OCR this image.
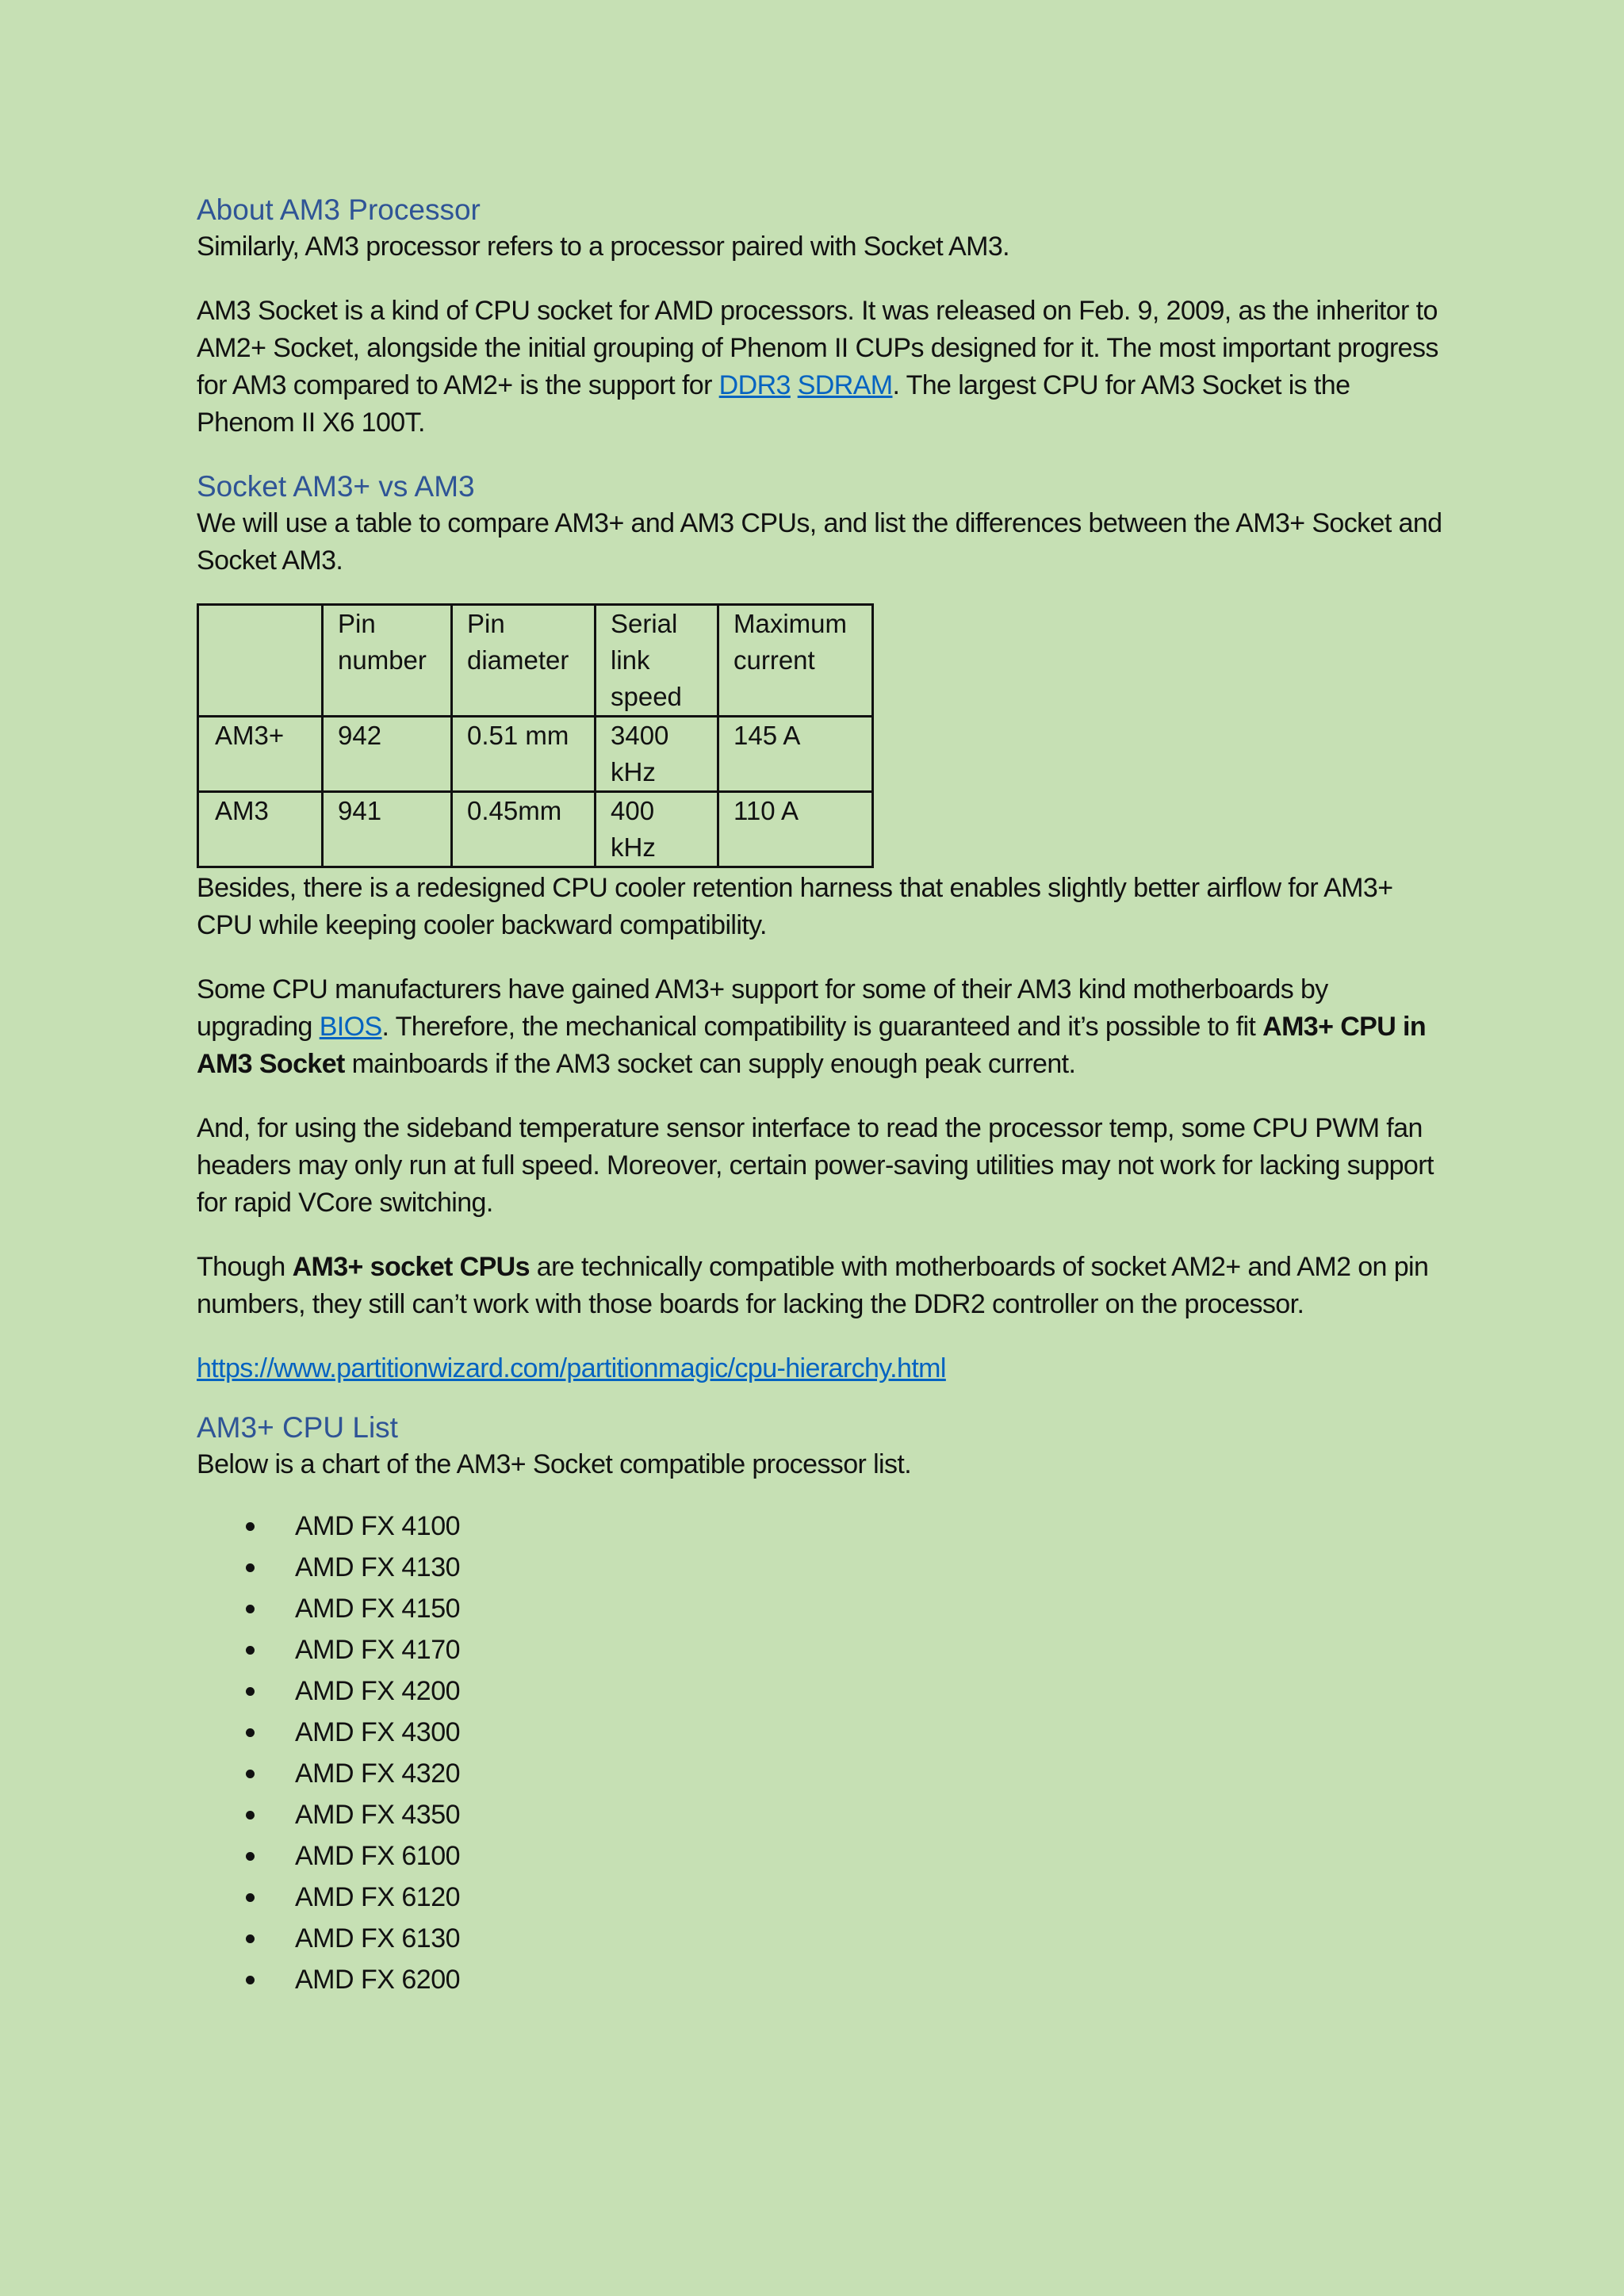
About AM3 Processor

Similarly, AM3 processor refers to a processor paired with Socket AM3.

AM3 Socket is a kind of CPU socket for AMD processors. It was released on Feb. 9, 2009, as the inheritor to AM2+ Socket, alongside the initial grouping of Phenom II CUPs designed for it. The most important progress for AM3 compared to AM2+ is the support for DDR3 SDRAM. The largest CPU for AM3 Socket is the Phenom II X6 100T.

Socket AM3+ vs AM3

We will use a table to compare AM3+ and AM3 CPUs, and list the differences between the AM3+ Socket and Socket AM3.

	Pin number	Pin diameter	Serial link speed	Maximum current
AM3+	942	0.51 mm	3400 kHz	145 A
AM3	941	0.45mm	400 kHz	110 A

Besides, there is a redesigned CPU cooler retention harness that enables slightly better airflow for AM3+ CPU while keeping cooler backward compatibility.

Some CPU manufacturers have gained AM3+ support for some of their AM3 kind motherboards by upgrading BIOS. Therefore, the mechanical compatibility is guaranteed and it’s possible to fit AM3+ CPU in AM3 Socket mainboards if the AM3 socket can supply enough peak current.

And, for using the sideband temperature sensor interface to read the processor temp, some CPU PWM fan headers may only run at full speed. Moreover, certain power-saving utilities may not work for lacking support for rapid VCore switching.

Though AM3+ socket CPUs are technically compatible with motherboards of socket AM2+ and AM2 on pin numbers, they still can’t work with those boards for lacking the DDR2 controller on the processor.

https://www.partitionwizard.com/partitionmagic/cpu-hierarchy.html

AM3+ CPU List

Below is a chart of the AM3+ Socket compatible processor list.

AMD FX 4100
AMD FX 4130
AMD FX 4150
AMD FX 4170
AMD FX 4200
AMD FX 4300
AMD FX 4320
AMD FX 4350
AMD FX 6100
AMD FX 6120
AMD FX 6130
AMD FX 6200
